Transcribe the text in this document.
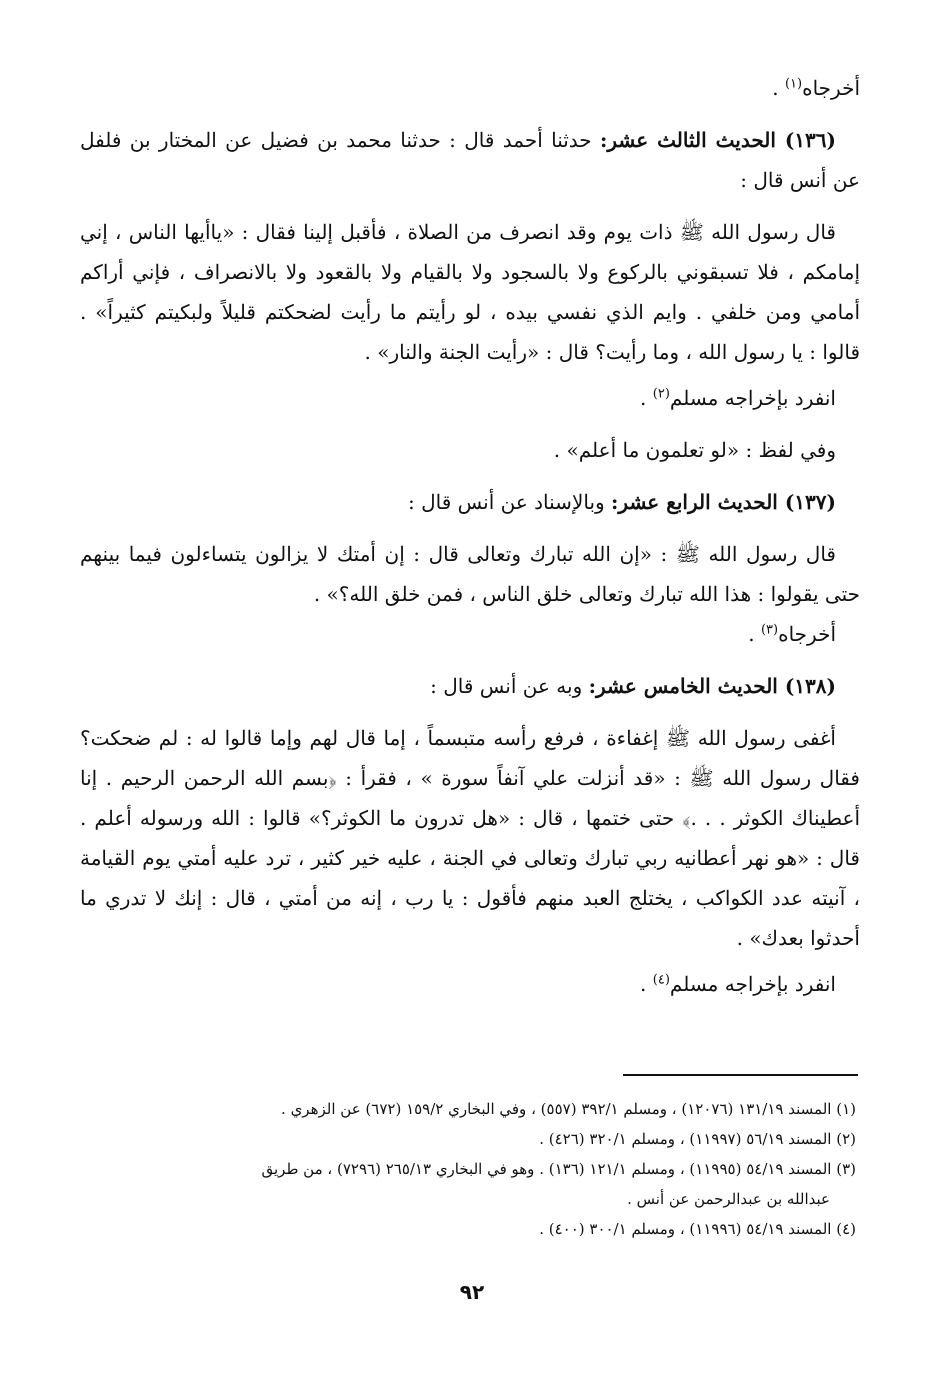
أخرجاه$^{(١)}$ .

(١٣٦) الحديث الثالث عشر: حدثنا أحمد قال : حدثنا محمد بن فضيل عن المختار بن فلفل عن أنس قال :

قال رسول الله ﷺ ذات يوم وقد انصرف من الصلاة ، فأقبل إلينا فقال : «ياأيها الناس ، إني إمامكم ، فلا تسبقوني بالركوع ولا بالسجود ولا بالقيام ولا بالقعود ولا بالانصراف ، فإني أراكم أمامي ومن خلفي . وايم الذي نفسي بيده ، لو رأيتم ما رأيت لضحكتم قليلاً ولبكيتم كثيراً» . قالوا : يا رسول الله ، وما رأيت؟ قال : «رأيت الجنة والنار» .

انفرد بإخراجه مسلم$^{(٢)}$ .

وفي لفظ : «لو تعلمون ما أعلم» .

(١٣٧) الحديث الرابع عشر: وبالإسناد عن أنس قال :

قال رسول الله ﷺ : «إن الله تبارك وتعالى قال : إن أمتك لا يزالون يتساءلون فيما بينهم حتى يقولوا : هذا الله تبارك وتعالى خلق الناس ، فمن خلق الله؟» .

أخرجاه$^{(٣)}$ .

(١٣٨) الحديث الخامس عشر: وبه عن أنس قال :

أغفى رسول الله ﷺ إغفاءة ، فرفع رأسه متبسماً ، إما قال لهم وإما قالوا له : لم ضحكت؟ فقال رسول الله ﷺ : «قد أنزلت علي آنفاً سورة » ، فقرأ : ﴿بسم الله الرحمن الرحيم . إنا أعطيناك الكوثر . . .﴾ حتى ختمها ، قال : «هل تدرون ما الكوثر؟» قالوا : الله ورسوله أعلم . قال : «هو نهر أعطانيه ربي تبارك وتعالى في الجنة ، عليه خير كثير ، ترد عليه أمتي يوم القيامة ، آنيته عدد الكواكب ، يختلج العبد منهم فأقول : يا رب ، إنه من أمتي ، قال : إنك لا تدري ما أحدثوا بعدك» .

انفرد بإخراجه مسلم$^{(٤)}$ .

(١) المسند ١٣١/١٩ (١٢٠٧٦) ، ومسلم ٣٩٢/١ (٥٥٧) ، وفي البخاري ١٥٩/٢ (٦٧٢) عن الزهري .

(٢) المسند ٥٦/١٩ (١١٩٩٧) ، ومسلم ٣٢٠/١ (٤٢٦) .

(٣) المسند ٥٤/١٩ (١١٩٩٥) ، ومسلم ١٢١/١ (١٣٦) . وهو في البخاري ٢٦٥/١٣ (٧٢٩٦) ، من طريق

عبدالله بن عبدالرحمن عن أنس .

(٤) المسند ٥٤/١٩ (١١٩٩٦) ، ومسلم ٣٠٠/١ (٤٠٠) .

٩٢
